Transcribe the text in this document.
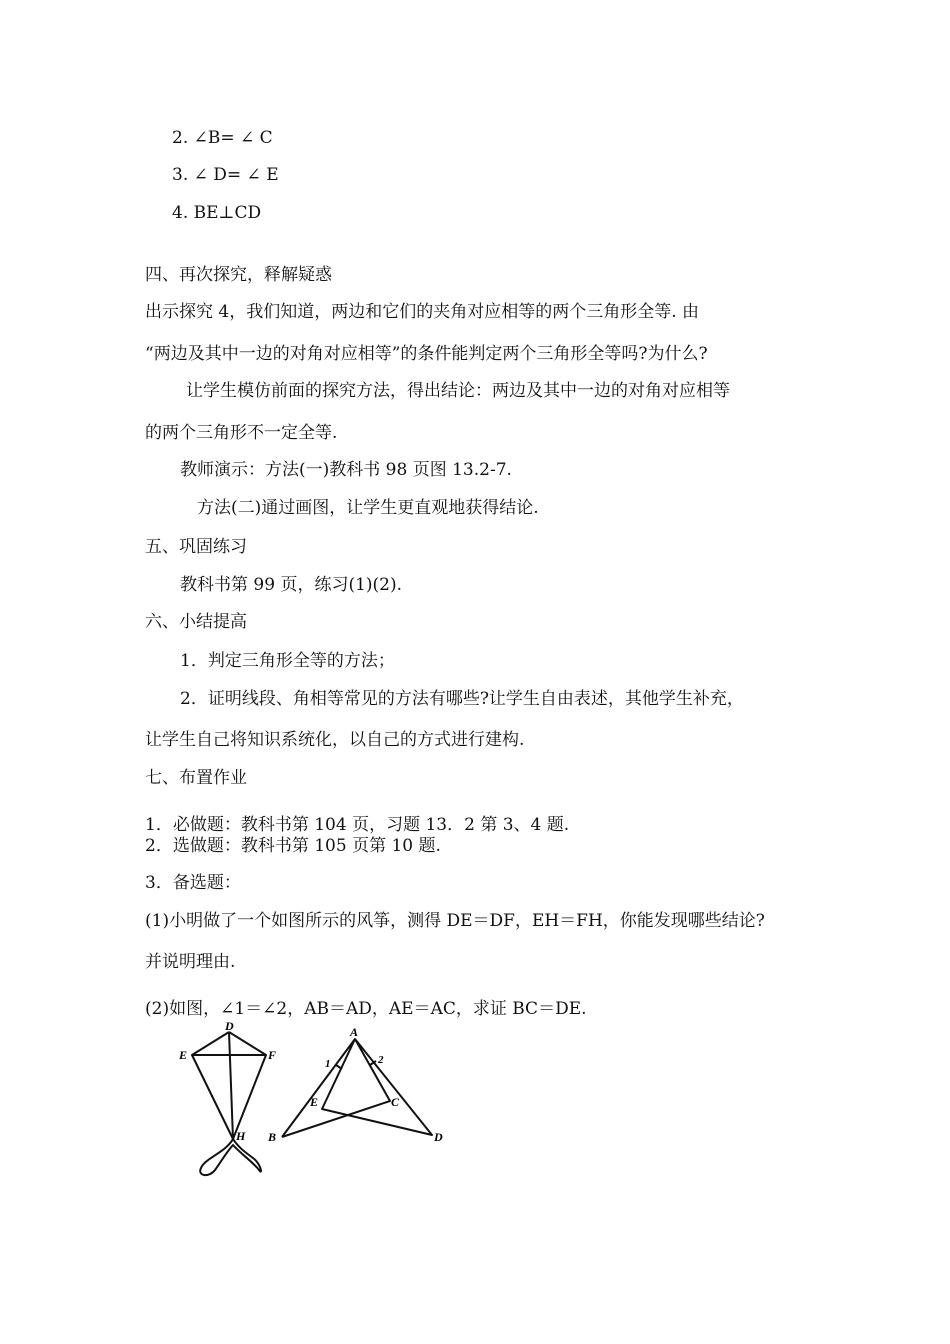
2. ∠B= ∠ C
3. ∠ D= ∠ E
4. BE⊥CD
四、再次探究，释解疑惑
出示探究 4，我们知道，两边和它们的夹角对应相等的两个三角形全等. 由
“两边及其中一边的对角对应相等”的条件能判定两个三角形全等吗?为什么?
让学生模仿前面的探究方法，得出结论：两边及其中一边的对角对应相等
的两个三角形不一定全等.
教师演示：方法(一)教科书 98 页图 13.2-7.
方法(二)通过画图，让学生更直观地获得结论.
五、巩固练习
教科书第 99 页，练习(1)(2).
六、小结提高
1．判定三角形全等的方法；
2．证明线段、角相等常见的方法有哪些?让学生自由表述，其他学生补充，
让学生自己将知识系统化，以自己的方式进行建构.
七、布置作业
1．必做题：教科书第 104 页，习题 13．2 第 3、4 题.
2．选做题：教科书第 105 页第 10 题.
3．备选题：
(1)小明做了一个如图所示的风筝，测得 DE＝DF，EH＝FH，你能发现哪些结论?
并说明理由.
(2)如图，∠1＝∠2，AB＝AD，AE＝AC，求证 BC＝DE.
D
E	F
H
A
B
C
D
E
1	2
